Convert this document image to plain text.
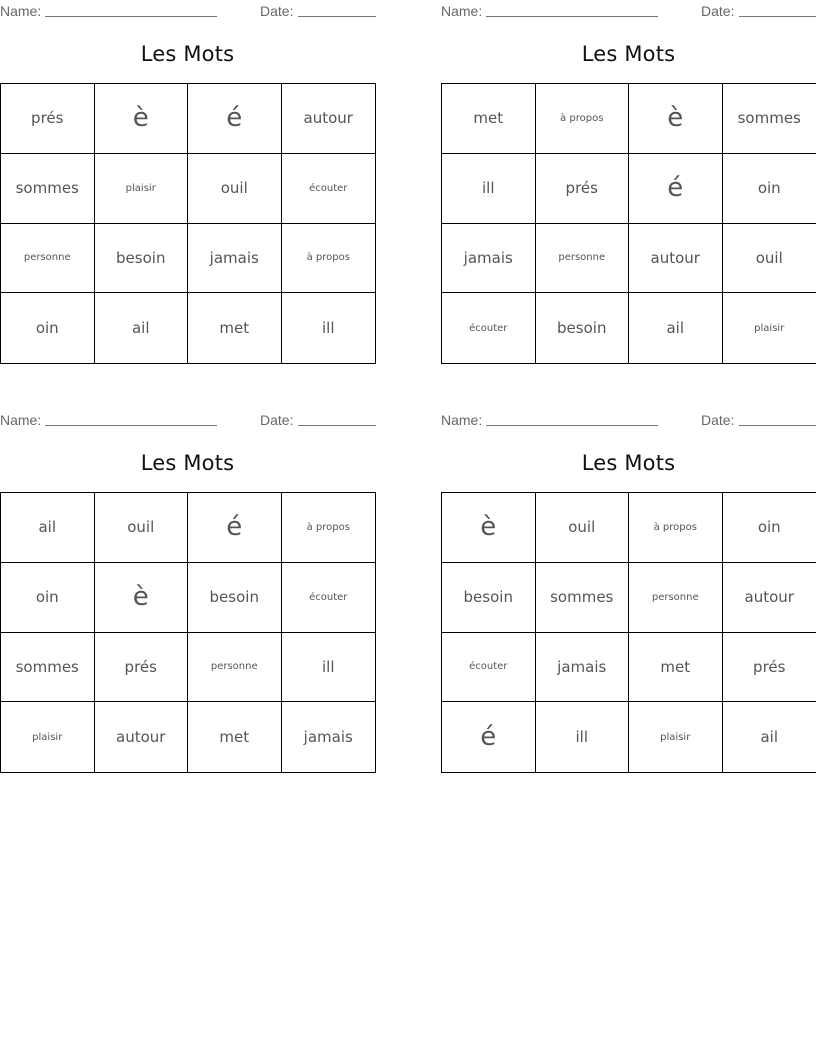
Name:	Date:
Les Mots
prés	è	é	autour
sommes	plaisir	ouil	écouter
personne	besoin	jamais	à propos
oin	ail	met	ill
Name:	Date:
Les Mots
met	à propos	è	sommes
ill	prés	é	oin
jamais	personne	autour	ouil
écouter	besoin	ail	plaisir
Name:	Date:
Les Mots
ail	ouil	é	à propos
oin	è	besoin	écouter
sommes	prés	personne	ill
plaisir	autour	met	jamais
Name:	Date:
Les Mots
è	ouil	à propos	oin
besoin	sommes	personne	autour
écouter	jamais	met	prés
é	ill	plaisir	ail
